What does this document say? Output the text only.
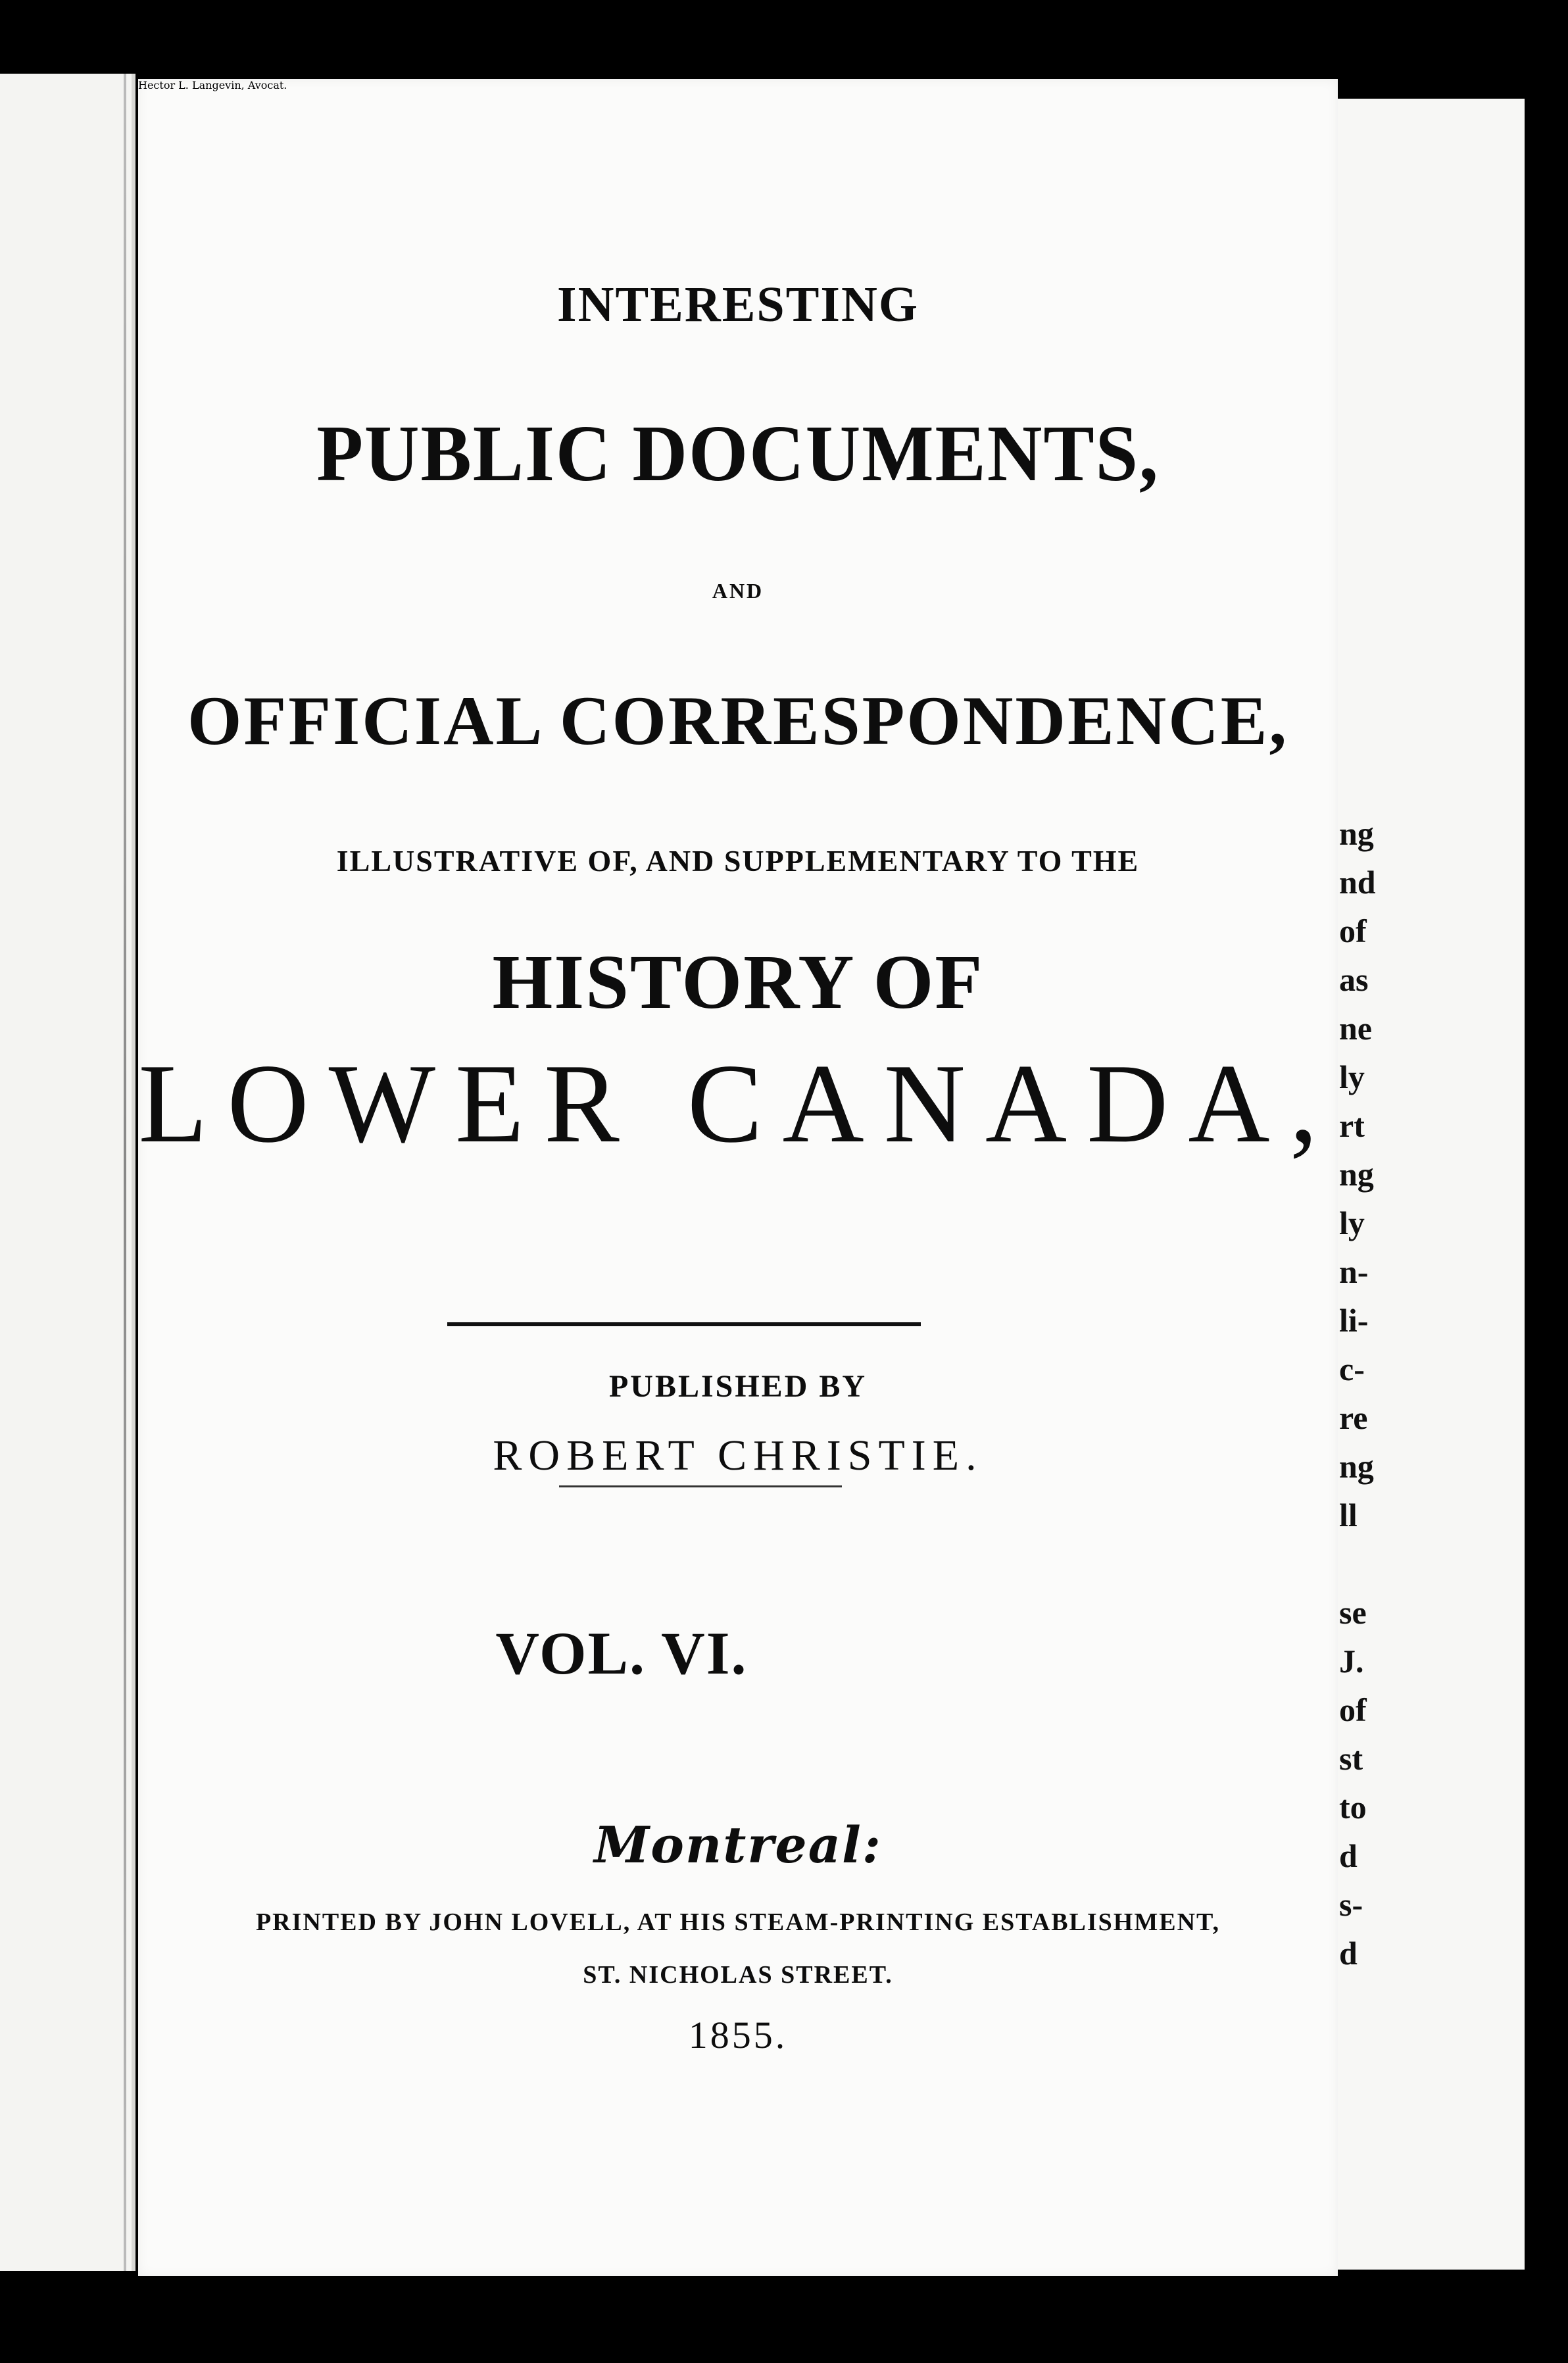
ng
nd
of
as
ne
ly
rt
ng
ly
n-
li-
c-
re
ng
ll
se
J.
of
st
to
d
s-
d
INTERESTING
PUBLIC DOCUMENTS,
AND
OFFICIAL CORRESPONDENCE,
ILLUSTRATIVE OF, AND SUPPLEMENTARY TO THE
HISTORY OF
LOWER CANADA,
PUBLISHED BY
ROBERT CHRISTIE.
VOL. VI.
Montreal:
PRINTED BY JOHN LOVELL, AT HIS STEAM-PRINTING ESTABLISHMENT,
ST. NICHOLAS STREET.
1855.
Hector L. Langevin, Avocat.
